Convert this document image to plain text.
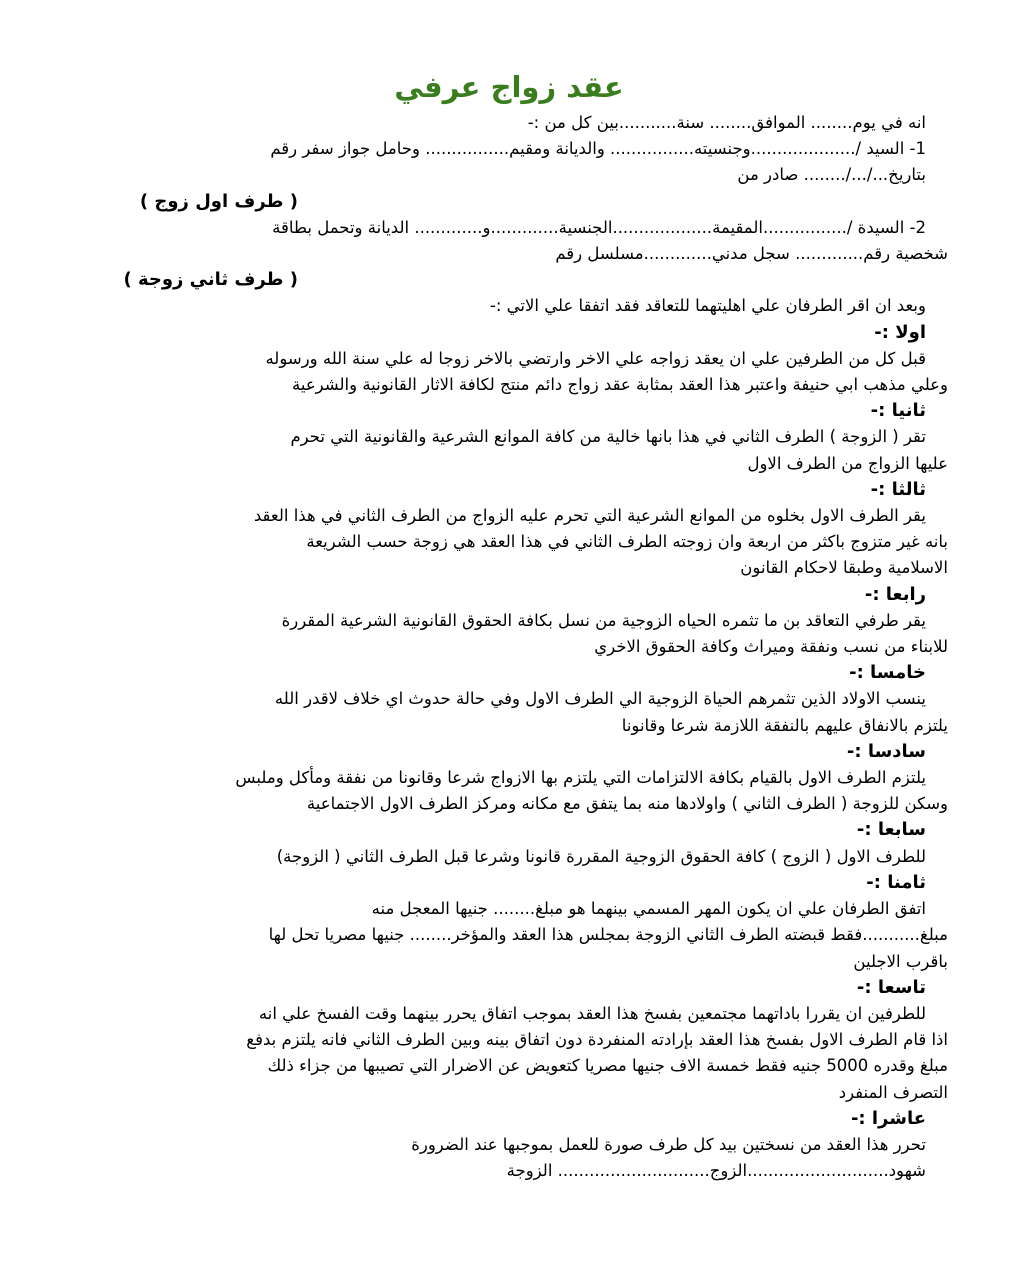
عقد زواج عرفي

انه في يوم........ الموافق........ سنة...........بين كل من :-

1- السيد /....................وجنسيته................ والديانة ومقيم................ وحامل جواز سفر رقم

بتاريخ.../.../........ صادر من

( طرف اول زوج )

2- السيدة /................المقيمة...................الجنسية.............و............. الديانة وتحمل بطاقة

شخصية رقم............. سجل مدني.............مسلسل رقم

( طرف ثاني زوجة )

وبعد ان اقر الطرفان علي اهليتهما للتعاقد فقد اتفقا علي الاتي :-

اولا :-

قبل كل من الطرفين علي ان يعقد زواجه علي الاخر وارتضي بالاخر زوجا له علي سنة الله ورسوله

وعلي مذهب ابي حنيفة واعتبر هذا العقد بمثابة عقد زواج دائم منتج لكافة الاثار القانونية والشرعية

ثانيا :-

تقر ( الزوجة ) الطرف الثاني في هذا بانها خالية من كافة الموانع الشرعية والقانونية التي تحرم

عليها الزواج من الطرف الاول

ثالثا :-

يقر الطرف الاول بخلوه من الموانع الشرعية التي تحرم عليه الزواج من الطرف الثاني في هذا العقد

بانه غير متزوج باكثر من اربعة وان زوجته الطرف الثاني في هذا العقد هي زوجة حسب الشريعة

الاسلامية وطبقا لاحكام القانون

رابعا :-

يقر طرفي التعاقد بن ما تثمره الحياه الزوجية من نسل بكافة الحقوق القانونية الشرعية المقررة

للابناء من نسب ونفقة وميراث وكافة الحقوق الاخري

خامسا :-

ينسب الاولاد الذين تثمرهم الحياة الزوجية الي الطرف الاول وفي حالة حدوث اي خلاف لاقدر الله

يلتزم بالانفاق عليهم بالنفقة اللازمة شرعا وقانونا

سادسا :-

يلتزم الطرف الاول بالقيام بكافة الالتزامات التي يلتزم بها الازواج شرعا وقانونا من نفقة ومأكل وملبس

وسكن للزوجة ( الطرف الثاني ) واولادها منه بما يتفق مع مكانه ومركز الطرف الاول الاجتماعية

سابعا :-

للطرف الاول ( الزوج ) كافة الحقوق الزوجية المقررة قانونا وشرعا قبل الطرف الثاني ( الزوجة)

ثامنا :-

اتفق الطرفان علي ان يكون المهر المسمي بينهما هو مبلغ........ جنيها المعجل منه

مبلغ...........فقط قبضته الطرف الثاني الزوجة بمجلس هذا العقد والمؤخر........ جنيها مصريا تحل لها

باقرب الاجلين

تاسعا :-

للطرفين ان يقررا باداتهما مجتمعين بفسخ هذا العقد بموجب اتفاق يحرر بينهما وقت الفسخ علي انه

اذا قام الطرف الاول بفسخ هذا العقد بإرادته المنفردة دون اتفاق بينه وبين الطرف الثاني فانه يلتزم بدفع

مبلغ وقدره 5000 جنيه فقط خمسة الاف جنيها مصريا كتعويض عن الاضرار التي تصيبها من جزاء ذلك

التصرف المنفرد

عاشرا :-

تحرر هذا العقد من نسختين بيد كل طرف صورة للعمل بموجبها عند الضرورة

شهود...........................الزوج............................. الزوجة
